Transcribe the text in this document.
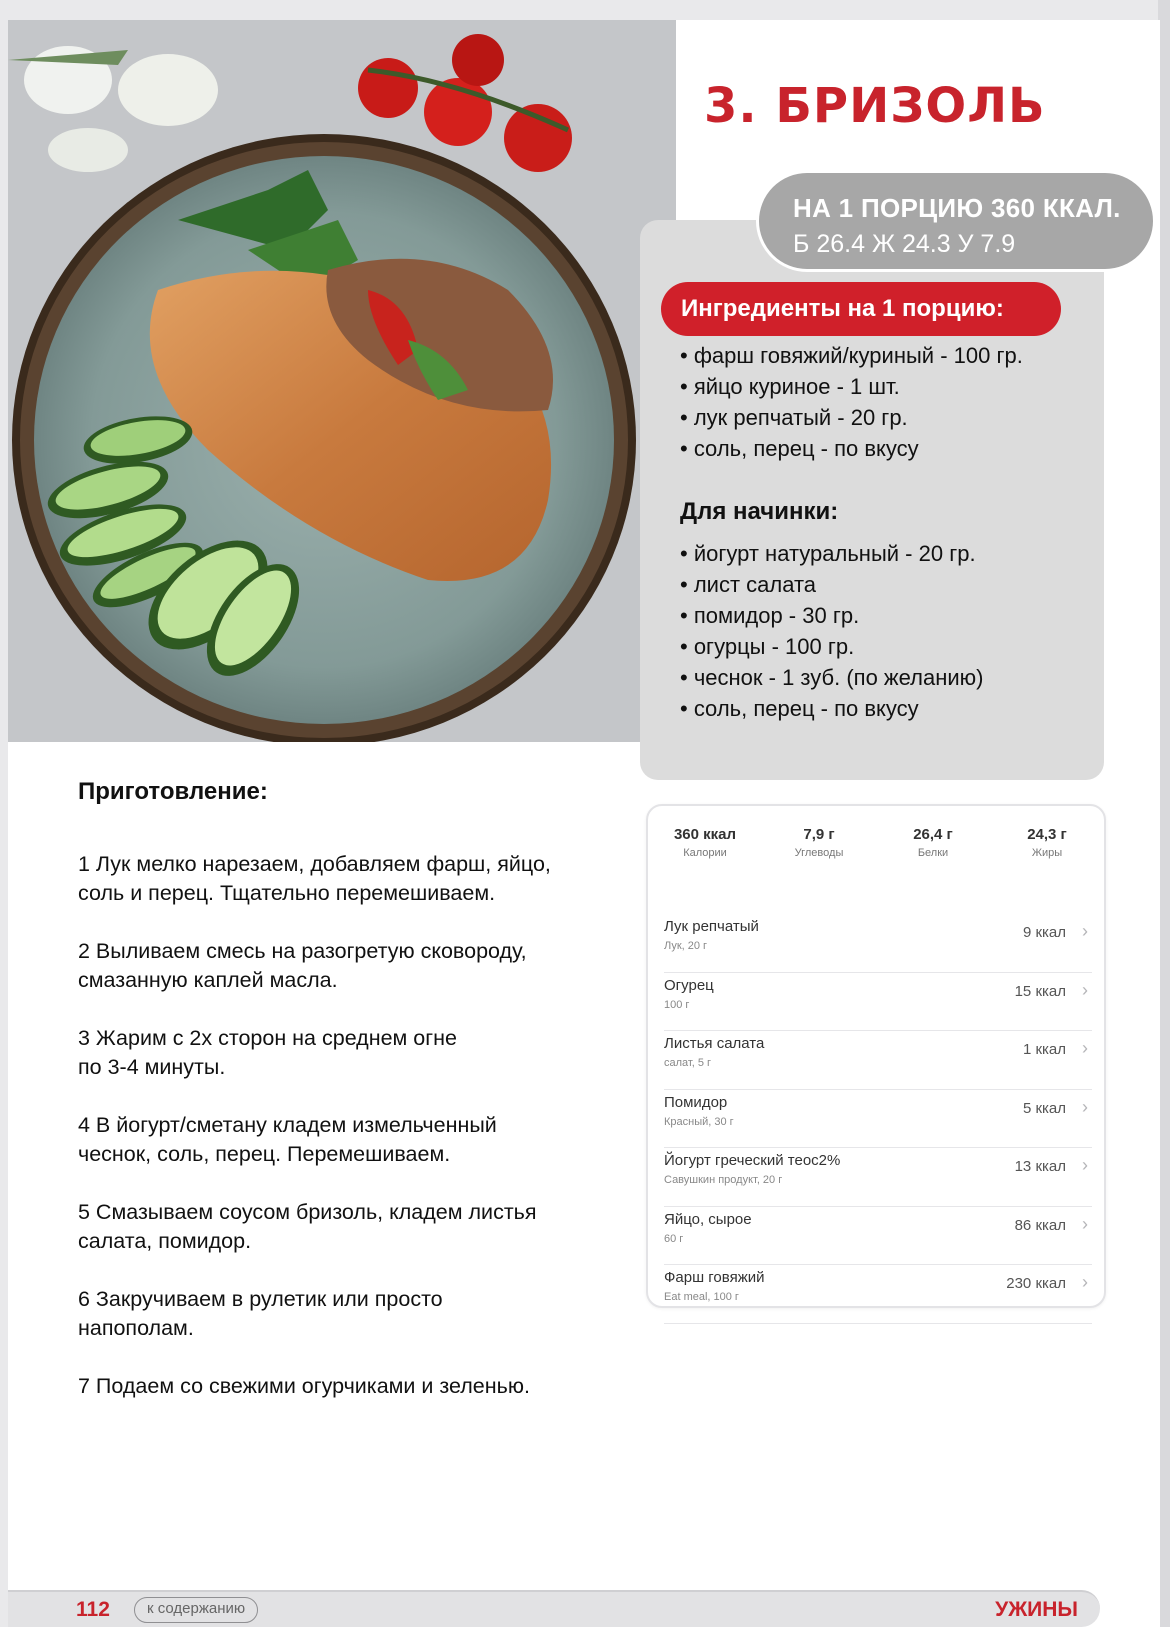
3. БРИЗОЛЬ
НА 1 ПОРЦИЮ 360 ККАЛ.
Б 26.4 Ж 24.3 У 7.9
Ингредиенты на 1 порцию:
• фарш говяжий/куриный - 100 гр.
• яйцо куриное - 1 шт.
• лук репчатый - 20 гр.
• соль, перец - по вкусу
Для начинки:
• йогурт натуральный - 20 гр.
• лист салата
• помидор - 30 гр.
• огурцы - 100 гр.
• чеснок - 1 зуб. (по желанию)
• соль, перец - по вкусу
Приготовление:
1 Лук мелко нарезаем, добавляем фарш, яйцо,
соль и перец. Тщательно перемешиваем.
2 Выливаем смесь на разогретую сковороду,
смазанную каплей масла.
3 Жарим с 2х сторон на среднем огне
по 3-4 минуты.
4 В йогурт/сметану кладем измельченный
чеснок, соль, перец. Перемешиваем.
5 Смазываем соусом бризоль, кладем листья
салата, помидор.
6 Закручиваем в рулетик или просто
напополам.
7 Подаем со свежими огурчиками и зеленью.
360 ккал
Калории
7,9 г
Углеводы
26,4 г
Белки
24,3 г
Жиры
Лук репчатый
Лук, 20 г
9 ккал ›
Огурец
100 г
15 ккал ›
Листья салата
салат, 5 г
1 ккал ›
Помидор
Красный, 30 г
5 ккал ›
Йогурт греческий теос2%
Савушкин продукт, 20 г
13 ккал ›
Яйцо, сырое
60 г
86 ккал ›
Фарш говяжий
Eat meal, 100 г
230 ккал ›
112	к содержанию	УЖИНЫ
